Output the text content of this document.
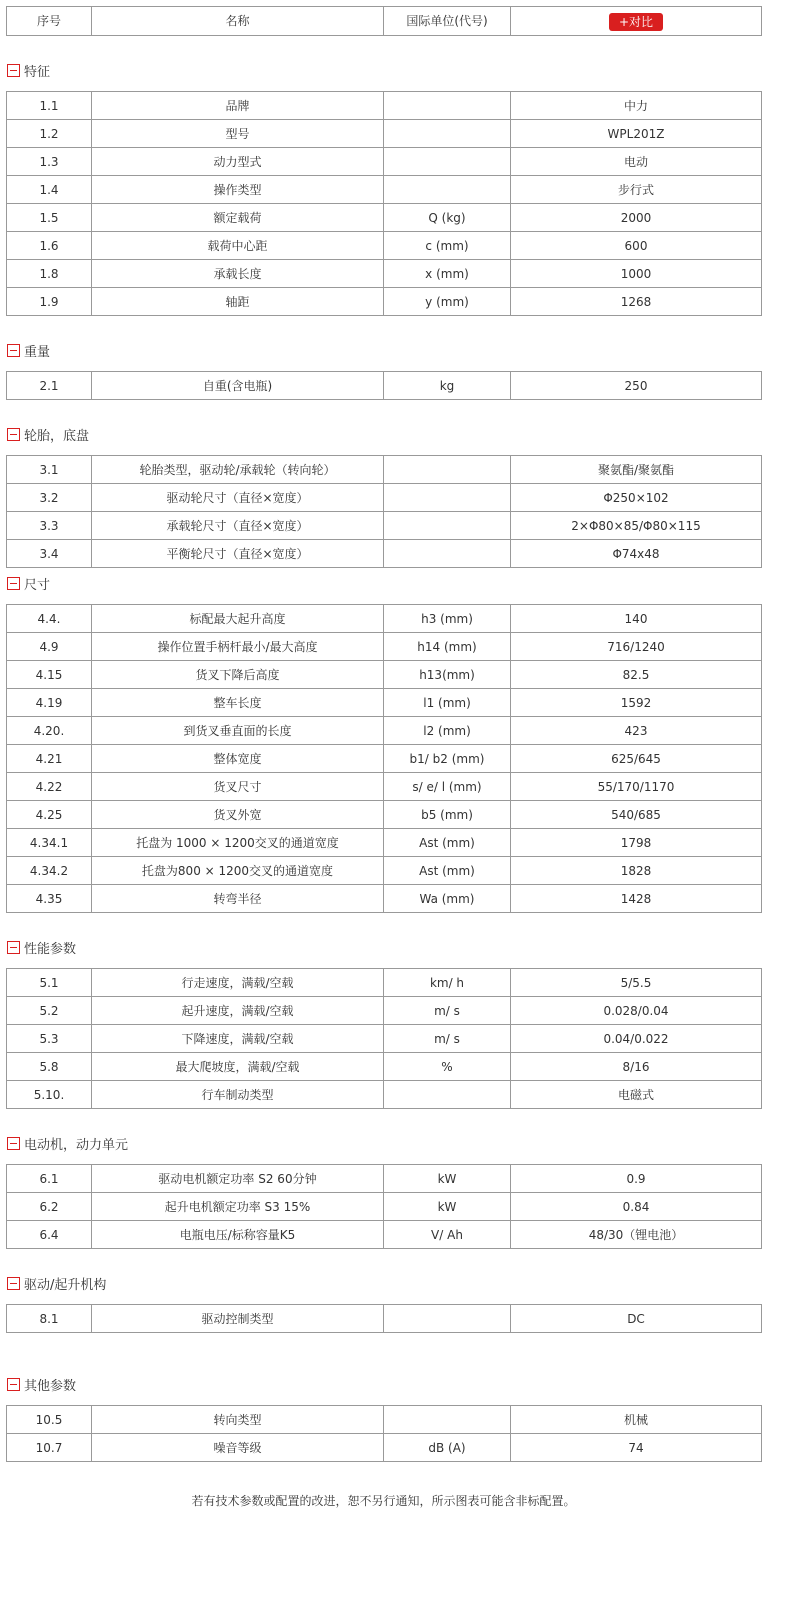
序号	名称	国际单位(代号)	+对比
特征
1.1	品牌		中力
1.2	型号		WPL201Z
1.3	动力型式		电动
1.4	操作类型		步行式
1.5	额定载荷	Q (kg)	2000
1.6	载荷中心距	c (mm)	600
1.8	承载长度	x (mm)	1000
1.9	轴距	y (mm)	1268
重量
2.1	自重(含电瓶)	kg	250
轮胎，底盘
3.1	轮胎类型，驱动轮/承载轮（转向轮）		聚氨酯/聚氨酯
3.2	驱动轮尺寸（直径×宽度）		Φ250×102
3.3	承载轮尺寸（直径×宽度）		2×Φ80×85/Φ80×115
3.4	平衡轮尺寸（直径×宽度）		Φ74x48
尺寸
4.4.	标配最大起升高度	h3 (mm)	140
4.9	操作位置手柄杆最小/最大高度	h14 (mm)	716/1240
4.15	货叉下降后高度	h13(mm)	82.5
4.19	整车长度	l1 (mm)	1592
4.20.	到货叉垂直面的长度	l2 (mm)	423
4.21	整体宽度	b1/ b2 (mm)	625/645
4.22	货叉尺寸	s/ e/ l (mm)	55/170/1170
4.25	货叉外宽	b5 (mm)	540/685
4.34.1	托盘为 1000 × 1200交叉的通道宽度	Ast (mm)	1798
4.34.2	托盘为800 × 1200交叉的通道宽度	Ast (mm)	1828
4.35	转弯半径	Wa (mm)	1428
性能参数
5.1	行走速度，满载/空载	km/ h	5/5.5
5.2	起升速度，满载/空载	m/ s	0.028/0.04
5.3	下降速度，满载/空载	m/ s	0.04/0.022
5.8	最大爬坡度，满载/空载	%	8/16
5.10.	行车制动类型		电磁式
电动机，动力单元
6.1	驱动电机额定功率 S2 60分钟	kW	0.9
6.2	起升电机额定功率 S3 15%	kW	0.84
6.4	电瓶电压/标称容量K5	V/ Ah	48/30（锂电池）
驱动/起升机构
8.1	驱动控制类型		DC
其他参数
10.5	转向类型		机械
10.7	噪音等级	dB (A)	74
若有技术参数或配置的改进，恕不另行通知，所示图表可能含非标配置。
